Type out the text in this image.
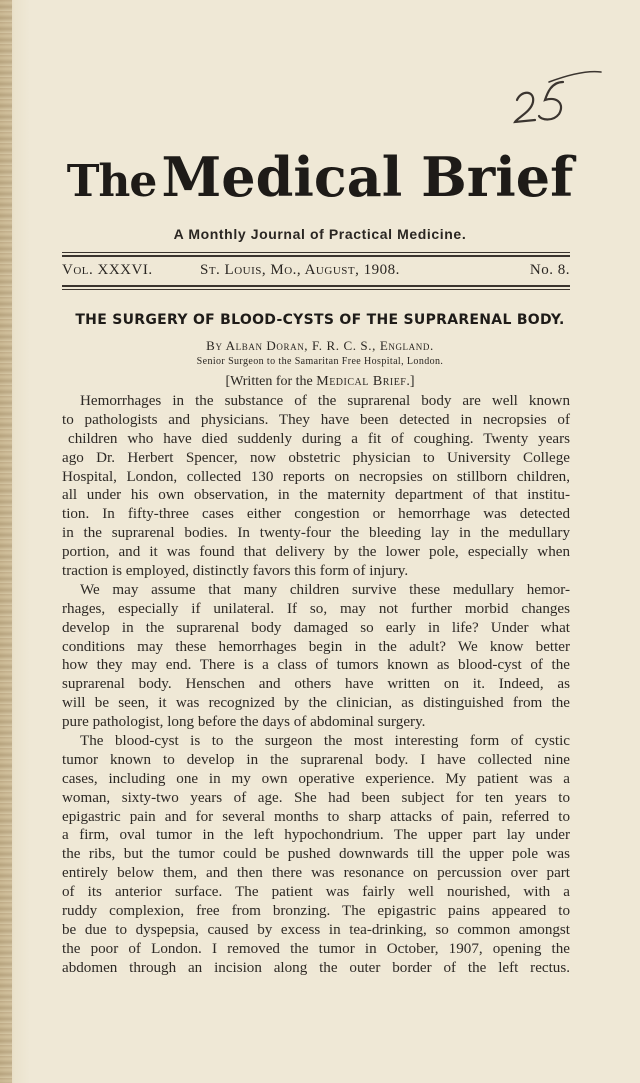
The Medical Brief
A Monthly Journal of Practical Medicine.
Vol. XXXVI.	St. Louis, Mo., August, 1908.	No. 8.
THE SURGERY OF BLOOD-CYSTS OF THE SUPRARENAL BODY.
By Alban Doran, F. R. C. S., England.
Senior Surgeon to the Samaritan Free Hospital, London.
[Written for the Medical Brief.]
Hemorrhages in the substance of the suprarenal body are well known
to pathologists and physicians. They have been detected in necropsies of
children who have died suddenly during a fit of coughing. Twenty years
ago Dr. Herbert Spencer, now obstetric physician to University College
Hospital, London, collected 130 reports on necropsies on stillborn children,
all under his own observation, in the maternity department of that institu-
tion. In fifty-three cases either congestion or hemorrhage was detected
in the suprarenal bodies. In twenty-four the bleeding lay in the medullary
portion, and it was found that delivery by the lower pole, especially when
traction is employed, distinctly favors this form of injury.
We may assume that many children survive these medullary hemor-
rhages, especially if unilateral. If so, may not further morbid changes
develop in the suprarenal body damaged so early in life? Under what
conditions may these hemorrhages begin in the adult? We know better
how they may end. There is a class of tumors known as blood-cyst of the
suprarenal body. Henschen and others have written on it. Indeed, as
will be seen, it was recognized by the clinician, as distinguished from the
pure pathologist, long before the days of abdominal surgery.
The blood-cyst is to the surgeon the most interesting form of cystic
tumor known to develop in the suprarenal body. I have collected nine
cases, including one in my own operative experience. My patient was a
woman, sixty-two years of age. She had been subject for ten years to
epigastric pain and for several months to sharp attacks of pain, referred to
a firm, oval tumor in the left hypochondrium. The upper part lay under
the ribs, but the tumor could be pushed downwards till the upper pole was
entirely below them, and then there was resonance on percussion over part
of its anterior surface. The patient was fairly well nourished, with a
ruddy complexion, free from bronzing. The epigastric pains appeared to
be due to dyspepsia, caused by excess in tea-drinking, so common amongst
the poor of London. I removed the tumor in October, 1907, opening the
abdomen through an incision along the outer border of the left rectus.
